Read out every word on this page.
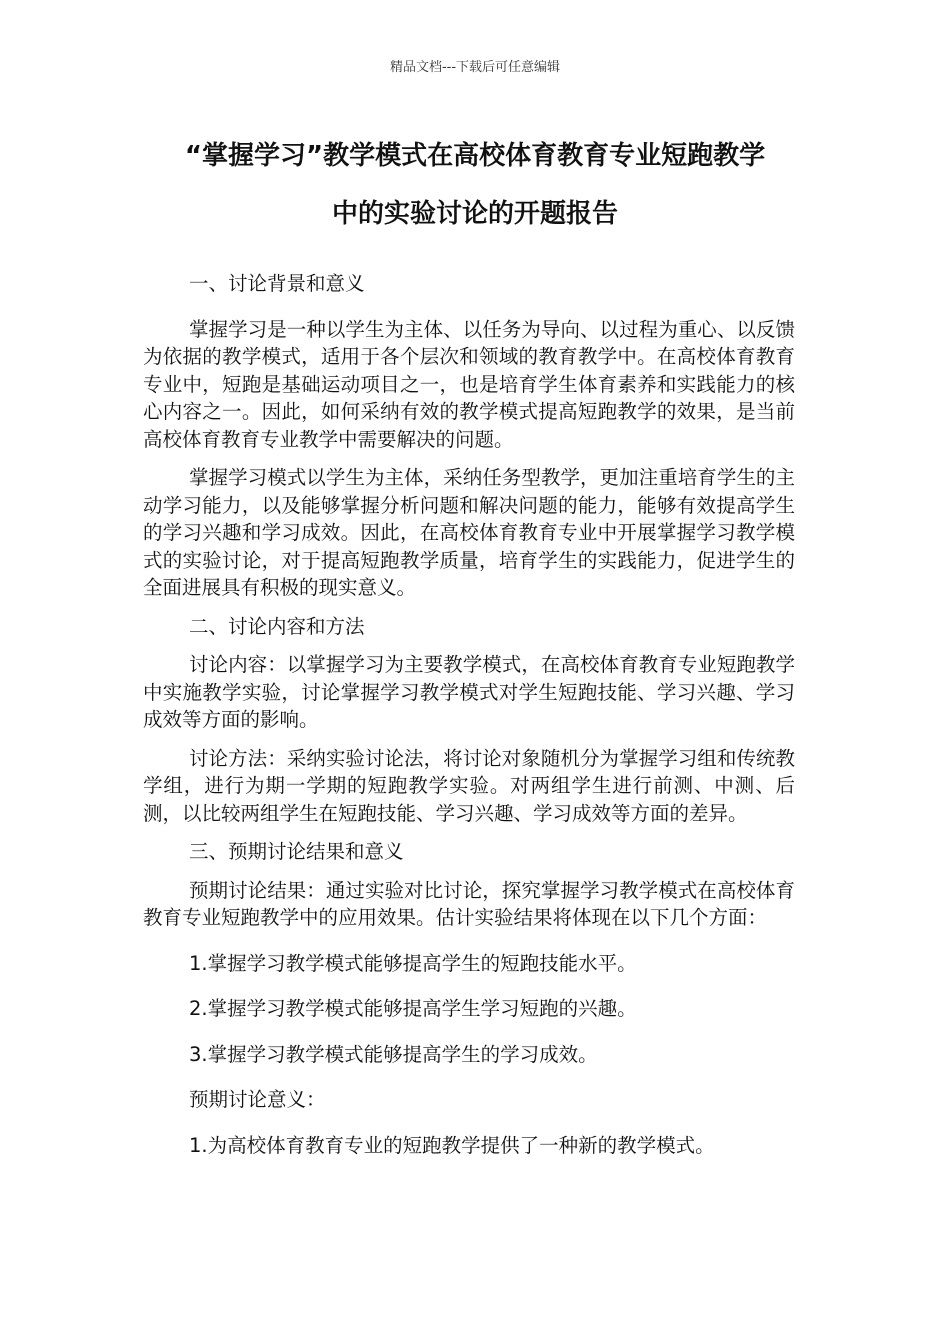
精品文档---下载后可任意编辑
“掌握学习”教学模式在高校体育教育专业短跑教学
中的实验讨论的开题报告

一、讨论背景和意义

掌握学习是一种以学生为主体、以任务为导向、以过程为重心、以反馈为依据的教学模式，适用于各个层次和领域的教育教学中。在高校体育教育专业中，短跑是基础运动项目之一，也是培育学生体育素养和实践能力的核心内容之一。因此，如何采纳有效的教学模式提高短跑教学的效果，是当前高校体育教育专业教学中需要解决的问题。

掌握学习模式以学生为主体，采纳任务型教学，更加注重培育学生的主动学习能力，以及能够掌握分析问题和解决问题的能力，能够有效提高学生的学习兴趣和学习成效。因此，在高校体育教育专业中开展掌握学习教学模式的实验讨论，对于提高短跑教学质量，培育学生的实践能力，促进学生的全面进展具有积极的现实意义。

二、讨论内容和方法

讨论内容：以掌握学习为主要教学模式，在高校体育教育专业短跑教学中实施教学实验，讨论掌握学习教学模式对学生短跑技能、学习兴趣、学习成效等方面的影响。

讨论方法：采纳实验讨论法，将讨论对象随机分为掌握学习组和传统教学组，进行为期一学期的短跑教学实验。对两组学生进行前测、中测、后测，以比较两组学生在短跑技能、学习兴趣、学习成效等方面的差异。

三、预期讨论结果和意义

预期讨论结果：通过实验对比讨论，探究掌握学习教学模式在高校体育教育专业短跑教学中的应用效果。估计实验结果将体现在以下几个方面：

1.掌握学习教学模式能够提高学生的短跑技能水平。

2.掌握学习教学模式能够提高学生学习短跑的兴趣。

3.掌握学习教学模式能够提高学生的学习成效。

预期讨论意义：

1.为高校体育教育专业的短跑教学提供了一种新的教学模式。
